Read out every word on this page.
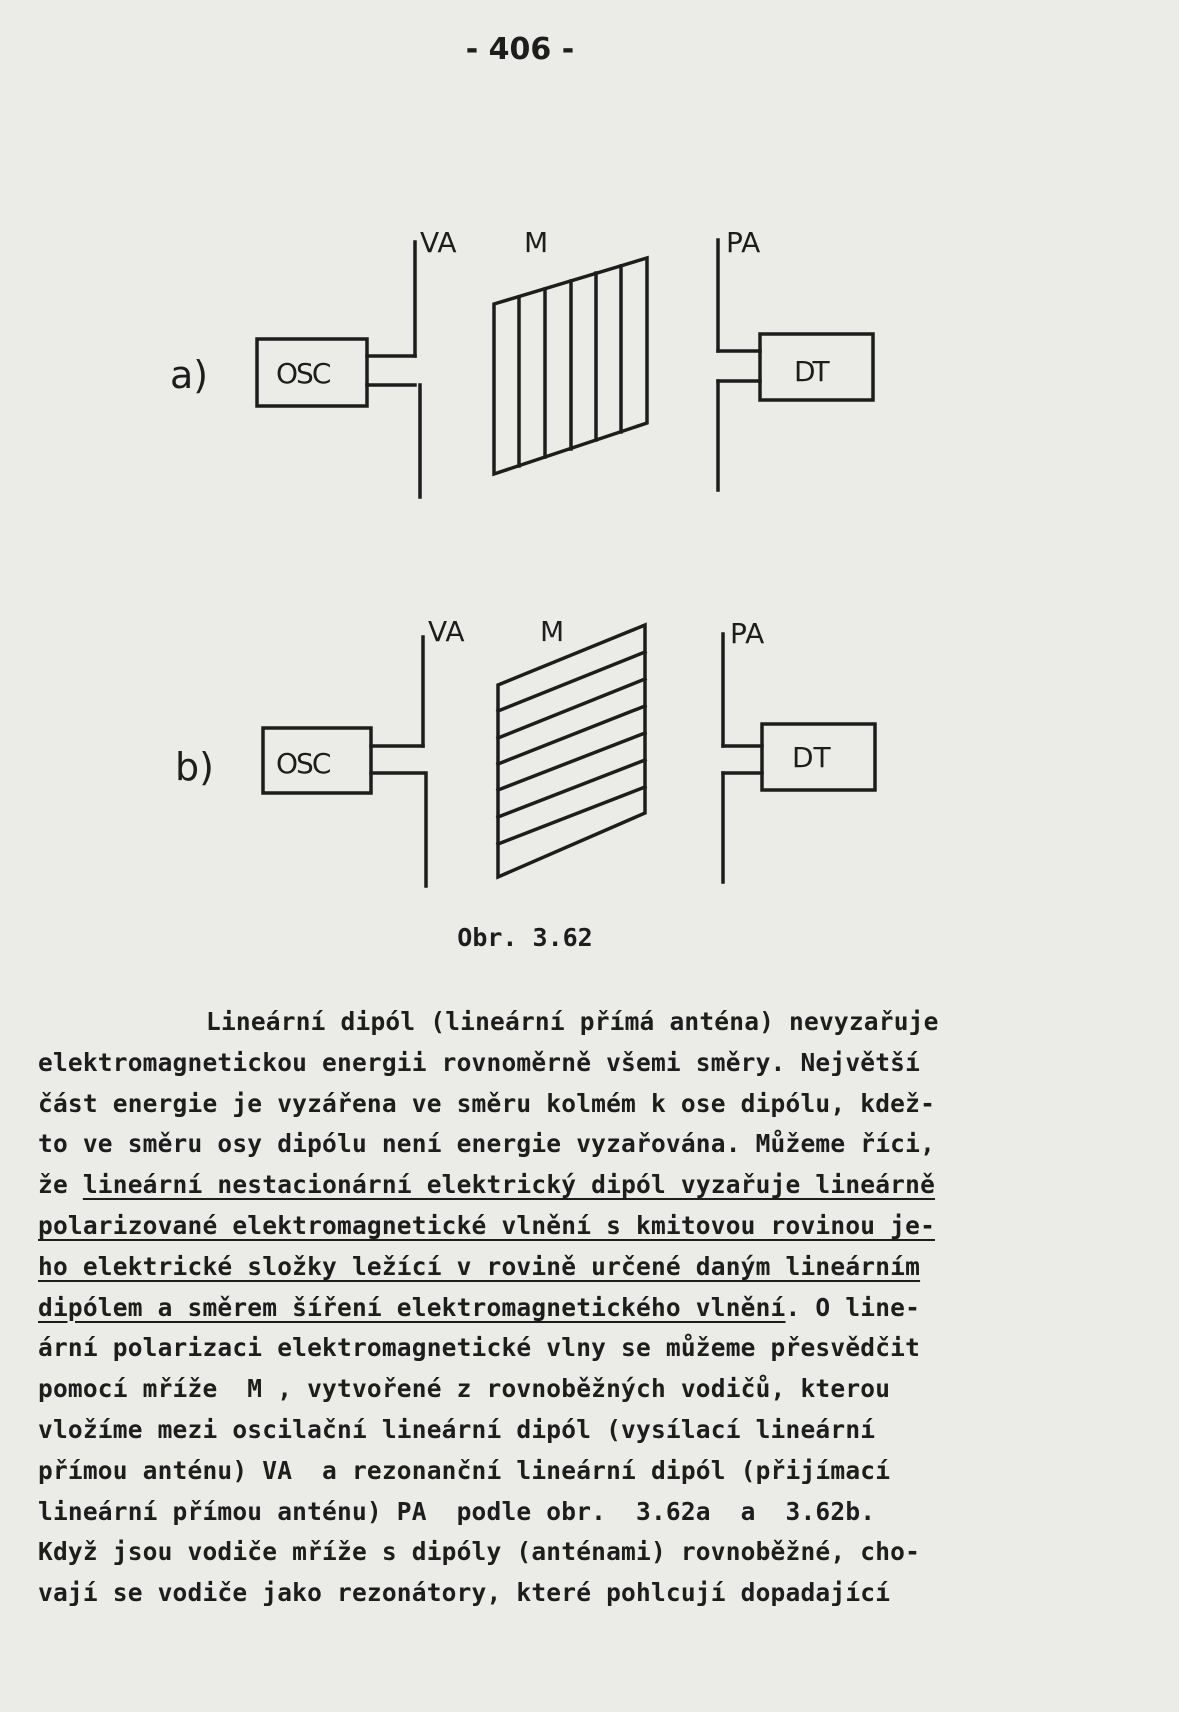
- 406 -
a) OSC
VA M	PA
DT
b) OSC
VA	M	PA
DT
Obr. 3.62
Lineární dipól (lineární přímá anténa) nevyzařuje
elektromagnetickou energii rovnoměrně všemi směry. Největší
část energie je vyzářena ve směru kolmém k ose dipólu, kdež-
to ve směru osy dipólu není energie vyzařována. Můžeme říci,
že lineární nestacionární elektrický dipól vyzařuje lineárně
polarizované elektromagnetické vlnění s kmitovou rovinou je-
ho elektrické složky ležící v rovině určené daným lineárním
dipólem a směrem šíření elektromagnetického vlnění. O line-
ární polarizaci elektromagnetické vlny se můžeme přesvědčit
pomocí mříže  M , vytvořené z rovnoběžných vodičů, kterou
vložíme mezi oscilační lineární dipól (vysílací lineární
přímou anténu) VA  a rezonanční lineární dipól (přijímací
lineární přímou anténu) PA  podle obr.  3.62a  a  3.62b.
Když jsou vodiče mříže s dipóly (anténami) rovnoběžné, cho-
vají se vodiče jako rezonátory, které pohlcují dopadající
